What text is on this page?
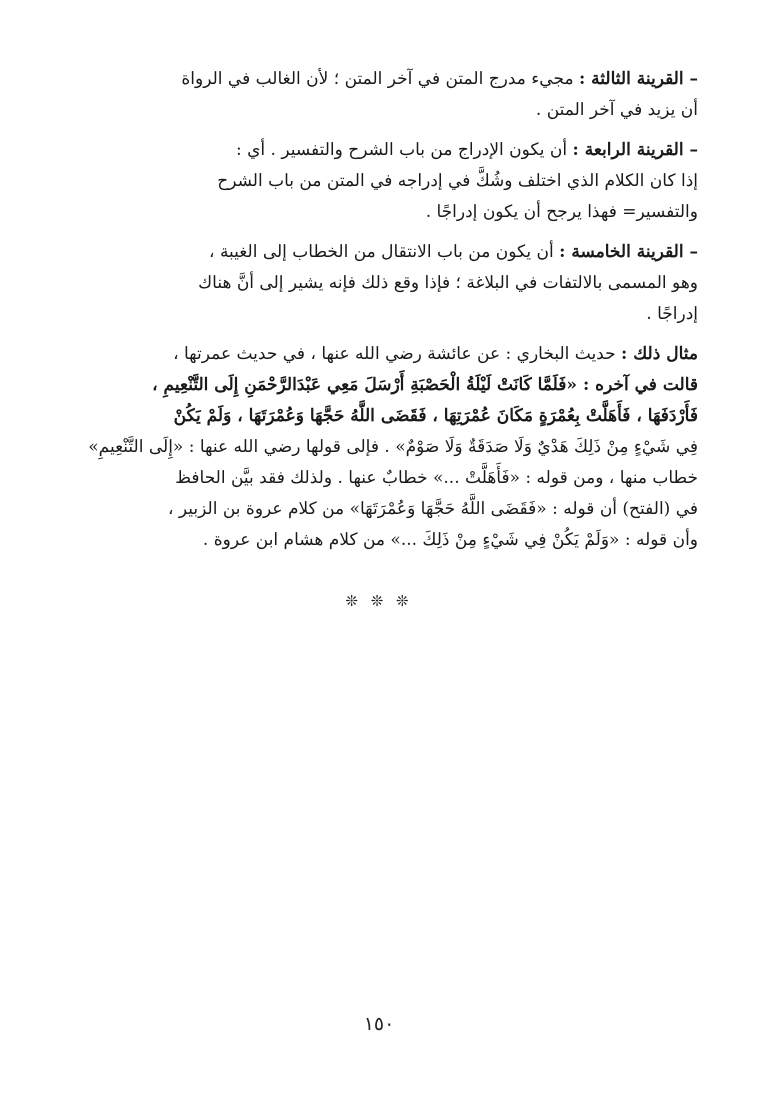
– القرينة الثالثة : مجيء مدرج المتن في آخر المتن ؛ لأن الغالب في الرواة
أن يزيد في آخر المتن .
– القرينة الرابعة : أن يكون الإدراج من باب الشرح والتفسير . أي :
إذا كان الكلام الذي اختلف وشُكَّ في إدراجه في المتن من باب الشرح
والتفسير= فهذا يرجح أن يكون إدراجًا .
– القرينة الخامسة : أن يكون من باب الانتقال من الخطاب إلى الغيبة ،
وهو المسمى بالالتفات في البلاغة ؛ فإذا وقع ذلك فإنه يشير إلى أنَّ هناك
إدراجًا .
مثال ذلك : حديث البخاري : عن عائشة رضي الله عنها ، في حديث عمرتها ،
قالت في آخره : «فَلَمَّا كَانَتْ لَيْلَةُ الْحَصْبَةِ أَرْسَلَ مَعِي عَبْدَالرَّحْمَنِ إِلَى التَّنْعِيمِ ،
فَأَرْدَفَهَا ، فَأَهَلَّتْ بِعُمْرَةٍ مَكَانَ عُمْرَتِهَا ، فَقَضَى اللَّهُ حَجَّهَا وَعُمْرَتَهَا ، وَلَمْ يَكُنْ
فِي شَيْءٍ مِنْ ذَلِكَ هَدْيٌ وَلَا صَدَقَةٌ وَلَا صَوْمٌ» . فإلى قولها رضي الله عنها : «إِلَى التَّنْعِيمِ»
خطاب منها ، ومن قوله : «فَأَهَلَّتْ ...» خطابٌ عنها . ولذلك فقد بيَّن الحافظ
في (الفتح) أن قوله : «فَقَضَى اللَّهُ حَجَّهَا وَعُمْرَتَهَا» من كلام عروة بن الزبير ،
وأن قوله : «وَلَمْ يَكُنْ فِي شَيْءٍ مِنْ ذَلِكَ ...» من كلام هشام ابن عروة .
❊ ❊ ❊
١٥٠
